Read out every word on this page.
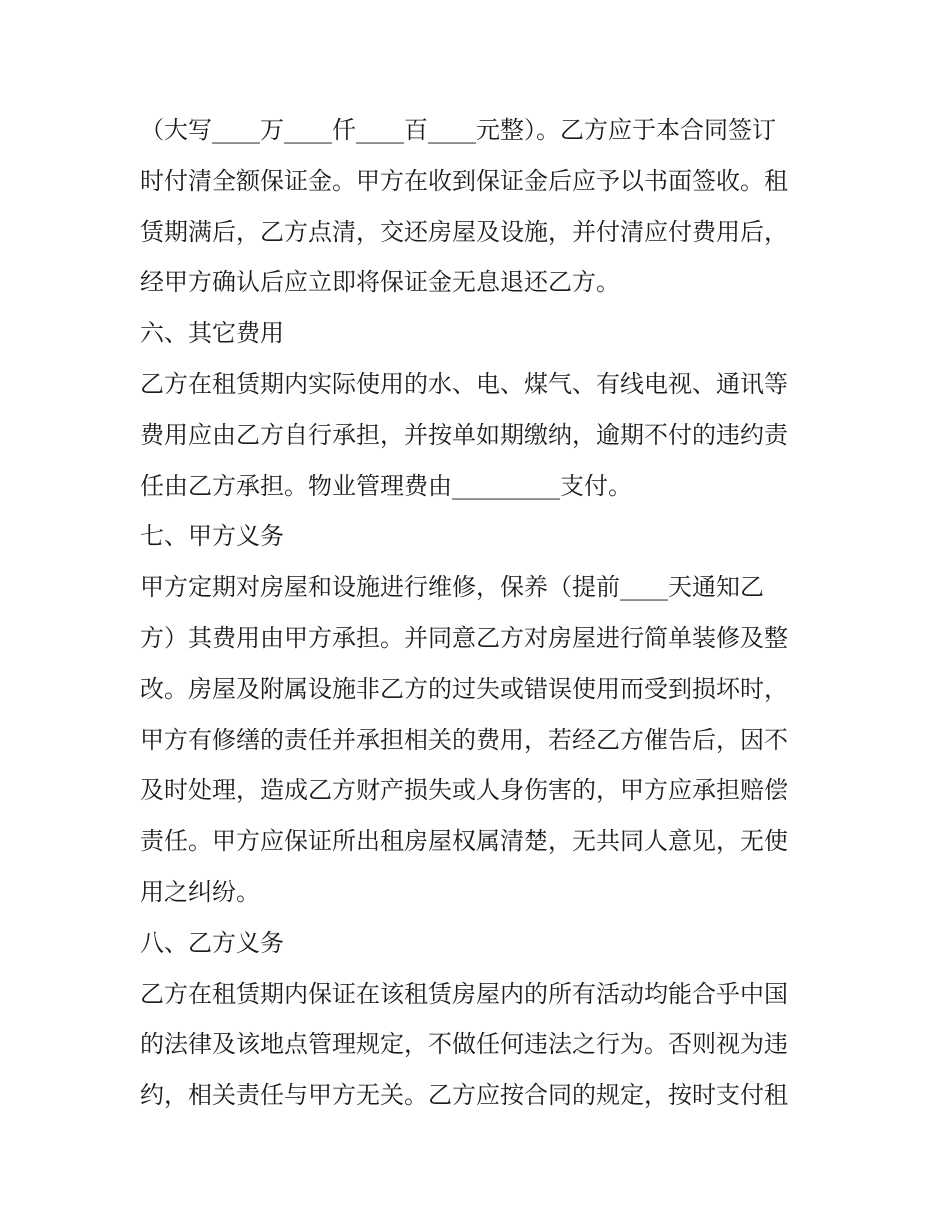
（大写____万____仟____百____元整）。乙方应于本合同签订
时付清全额保证金。甲方在收到保证金后应予以书面签收。租
赁期满后，乙方点清，交还房屋及设施，并付清应付费用后，
经甲方确认后应立即将保证金无息退还乙方。
六、其它费用
乙方在租赁期内实际使用的水、电、煤气、有线电视、通讯等
费用应由乙方自行承担，并按单如期缴纳，逾期不付的违约责
任由乙方承担。物业管理费由_________支付。
七、甲方义务
甲方定期对房屋和设施进行维修，保养（提前____天通知乙
方）其费用由甲方承担。并同意乙方对房屋进行简单装修及整
改。房屋及附属设施非乙方的过失或错误使用而受到损坏时，
甲方有修缮的责任并承担相关的费用，若经乙方催告后，因不
及时处理，造成乙方财产损失或人身伤害的，甲方应承担赔偿
责任。甲方应保证所出租房屋权属清楚，无共同人意见，无使
用之纠纷。
八、乙方义务
乙方在租赁期内保证在该租赁房屋内的所有活动均能合乎中国
的法律及该地点管理规定，不做任何违法之行为。否则视为违
约，相关责任与甲方无关。乙方应按合同的规定，按时支付租
